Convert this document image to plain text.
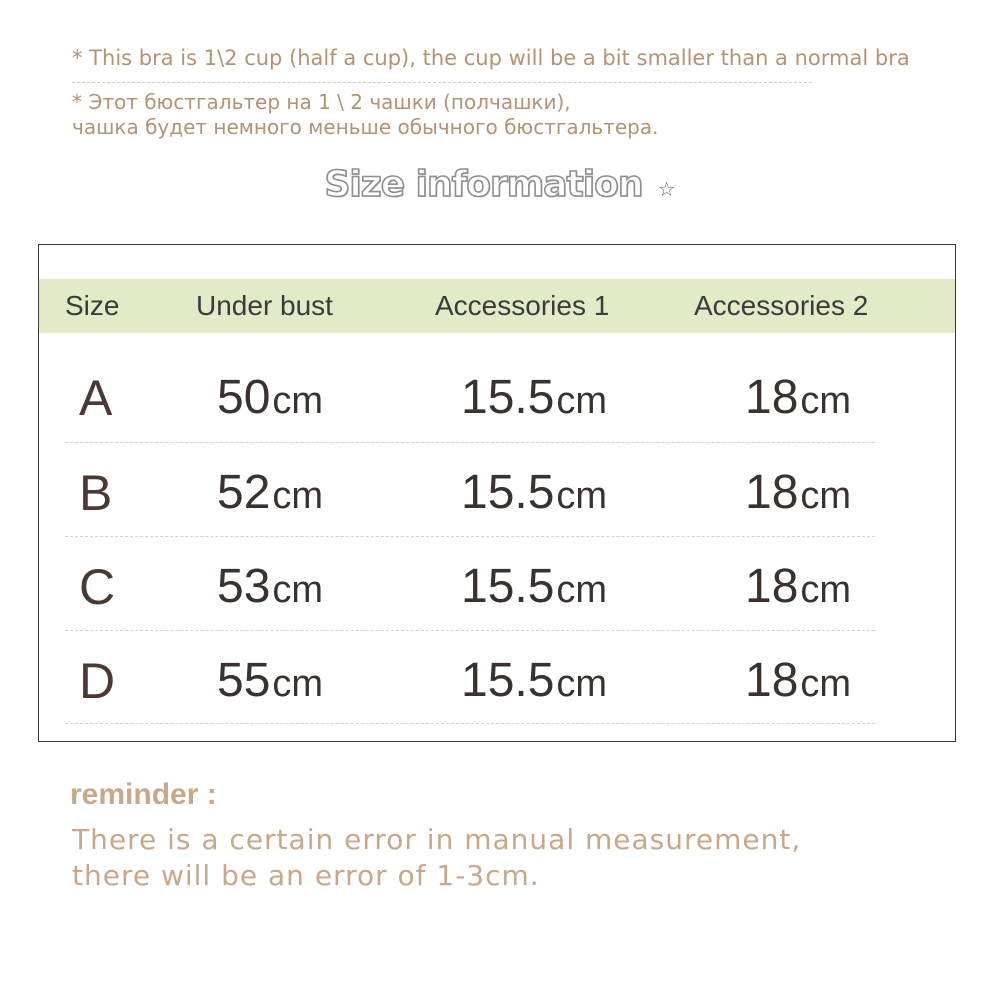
* This bra is 1\2 cup (half a cup), the cup will be a bit smaller than a normal bra
* Этот бюстгальтер на 1 \ 2 чашки (полчашки),
чашка будет немного меньше обычного бюстгальтера.
Size information ☆
Size	Under bust	Accessories 1	Accessories 2
A 50cm	15.5cm	18cm
B 52cm	15.5cm	18cm
C 53cm	15.5cm	18cm
D 55cm	15.5cm	18cm
reminder :
There is a certain error in manual measurement,
there will be an error of 1-3cm.
